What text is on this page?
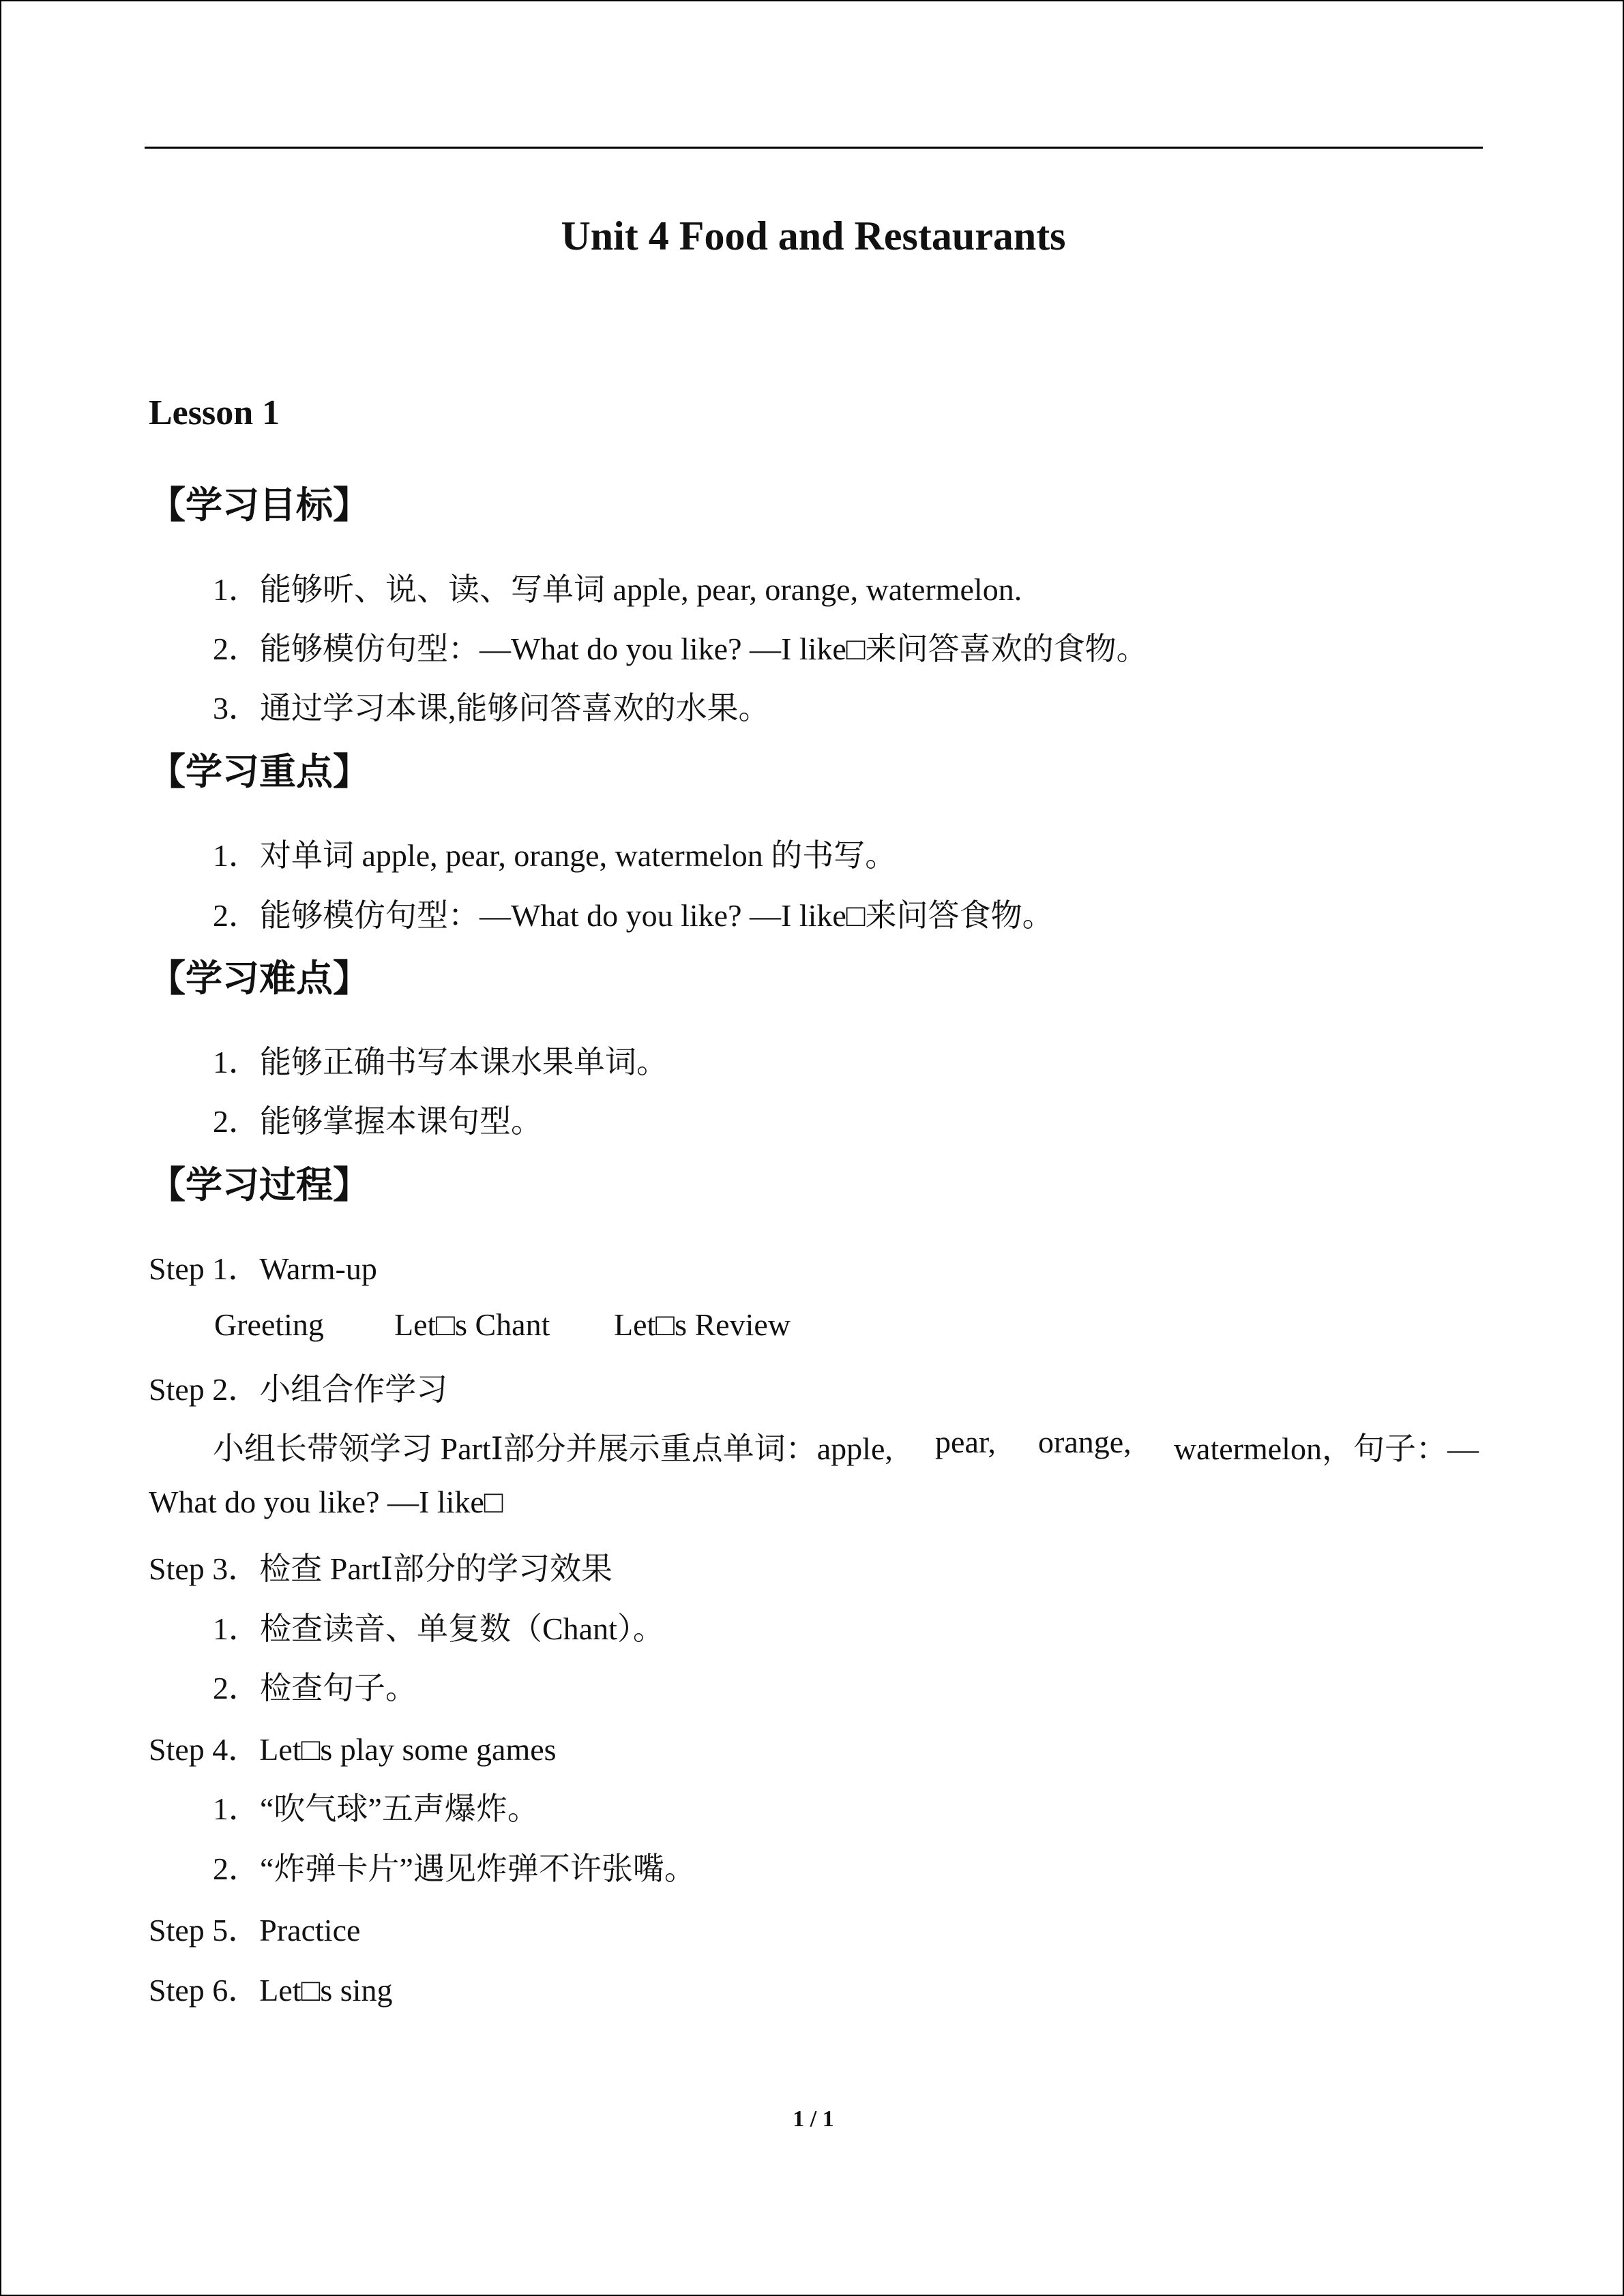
Unit 4 Food and Restaurants
Lesson 1
【学习目标】
1．能够听、说、读、写单词 apple, pear, orange, watermelon.
2．能够模仿句型：—What do you like? —I like□来问答喜欢的食物。
3．通过学习本课,能够问答喜欢的水果。
【学习重点】
1．对单词 apple, pear, orange, watermelon 的书写。
2．能够模仿句型：—What do you like? —I like□来问答食物。
【学习难点】
1．能够正确书写本课水果单词。
2．能够掌握本课句型。
【学习过程】
Step 1．Warm-up
Greeting Let□s Chant Let□s Review
Step 2．小组合作学习
小组长带领学习 PartⅠ部分并展示重点单词：apple, pear, orange, watermelon，句子：—
What do you like? —I like□
Step 3．检查 PartⅠ部分的学习效果
1．检查读音、单复数（Chant）。
2．检查句子。
Step 4．Let□s play some games
1．“吹气球”五声爆炸。
2．“炸弹卡片”遇见炸弹不许张嘴。
Step 5．Practice
Step 6．Let□s sing
1 / 1
